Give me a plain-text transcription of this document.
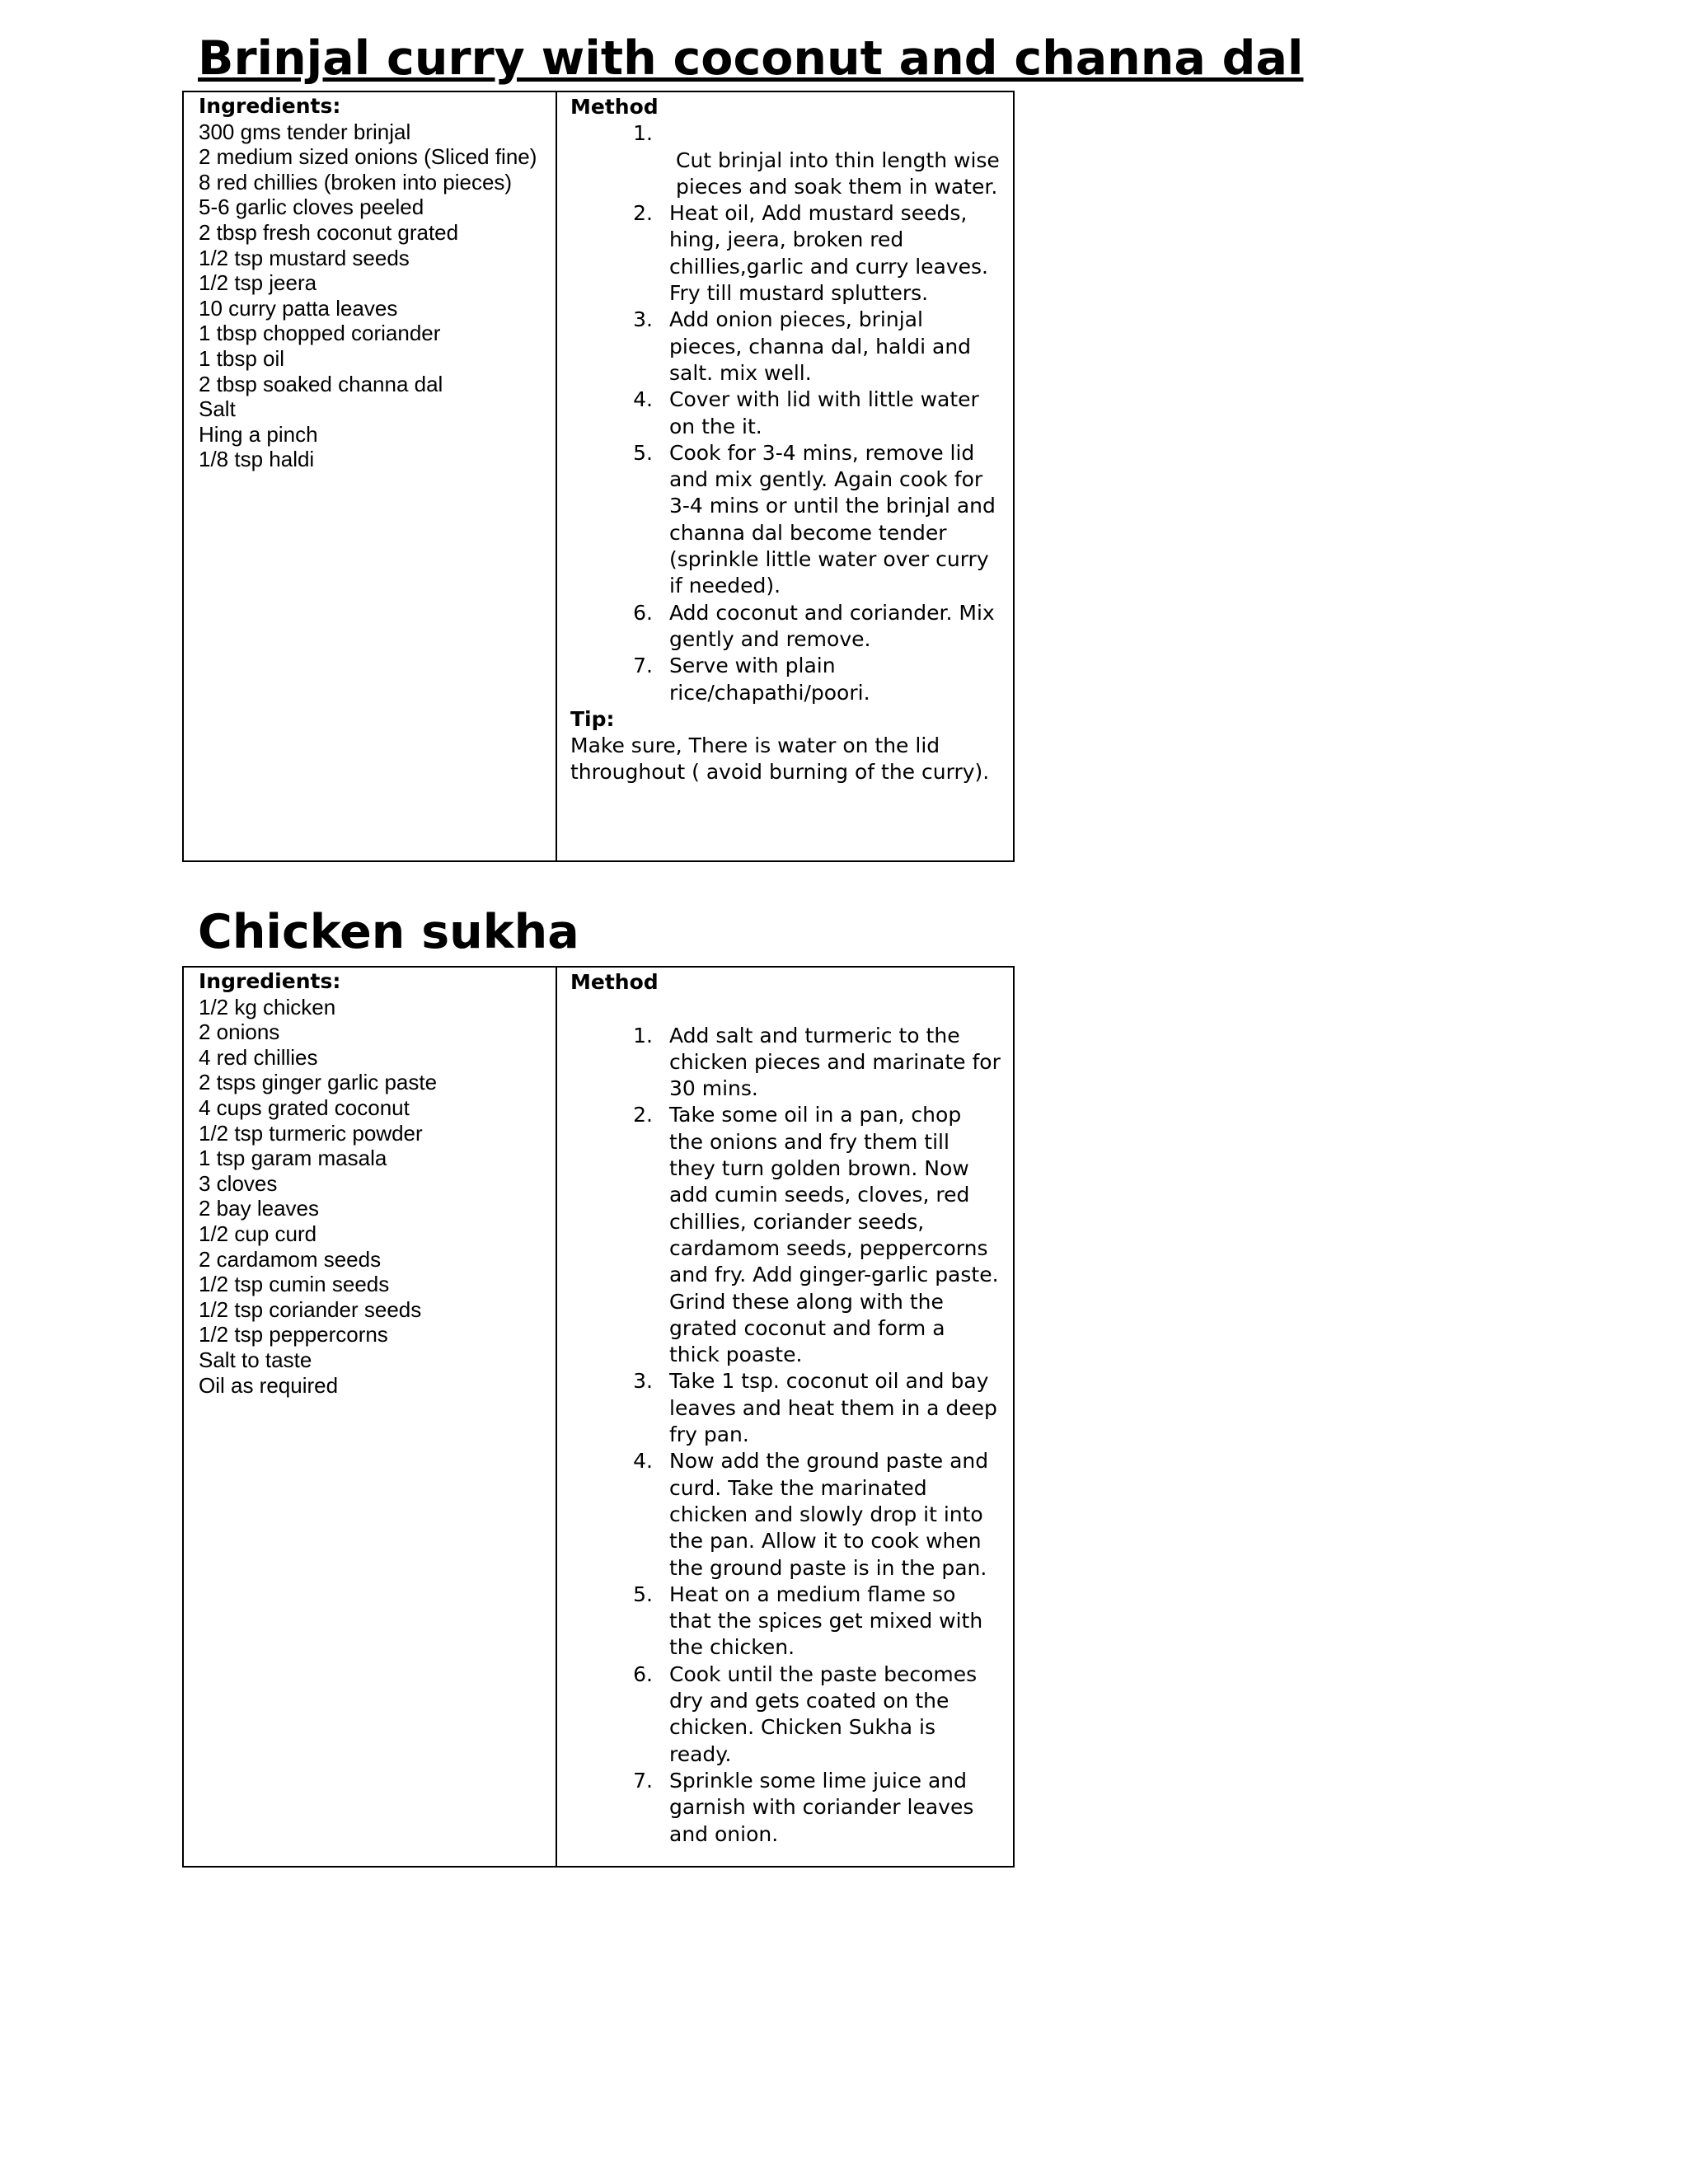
Brinjal curry with coconut and channa dal
Ingredients:
300 gms tender brinjal
2 medium sized onions (Sliced fine)
8 red chillies (broken into pieces)
5-6 garlic cloves peeled
2 tbsp fresh coconut grated
1/2 tsp mustard seeds
1/2 tsp jeera
10 curry patta leaves
1 tbsp chopped coriander
1 tbsp oil
2 tbsp soaked channa dal
Salt
Hing a pinch
1/8 tsp haldi
Method
1.
Cut brinjal into thin length wise pieces and soak them in water.
2. Heat oil, Add mustard seeds, hing, jeera, broken red chillies,garlic and curry leaves. Fry till mustard splutters.
3. Add onion pieces, brinjal pieces, channa dal, haldi and salt. mix well.
4. Cover with lid with little water on the it.
5. Cook for 3-4 mins, remove lid and mix gently. Again cook for 3-4 mins or until the brinjal and channa dal become tender (sprinkle little water over curry if needed).
6. Add coconut and coriander. Mix gently and remove.
7. Serve with plain rice/chapathi/poori.
Tip:

Make sure, There is water on the lid throughout ( avoid burning of the curry).

Chicken sukha
Ingredients:
1/2 kg chicken
2 onions
4 red chillies
2 tsps ginger garlic paste
4 cups grated coconut
1/2 tsp turmeric powder
1 tsp garam masala
3 cloves
2 bay leaves
1/2 cup curd
2 cardamom seeds
1/2 tsp cumin seeds
1/2 tsp coriander seeds
1/2 tsp peppercorns
Salt to taste
Oil as required
Method
1. Add salt and turmeric to the chicken pieces and marinate for 30 mins.
2. Take some oil in a pan, chop the onions and fry them till they turn golden brown. Now add cumin seeds, cloves, red chillies, coriander seeds, cardamom seeds, peppercorns and fry. Add ginger-garlic paste. Grind these along with the grated coconut and form a thick poaste.
3. Take 1 tsp. coconut oil and bay leaves and heat them in a deep fry pan.
4. Now add the ground paste and curd. Take the marinated chicken and slowly drop it into the pan. Allow it to cook when the ground paste is in the pan.
5. Heat on a medium flame so that the spices get mixed with the chicken.
6. Cook until the paste becomes dry and gets coated on the chicken. Chicken Sukha is ready.
7. Sprinkle some lime juice and garnish with coriander leaves and onion.
